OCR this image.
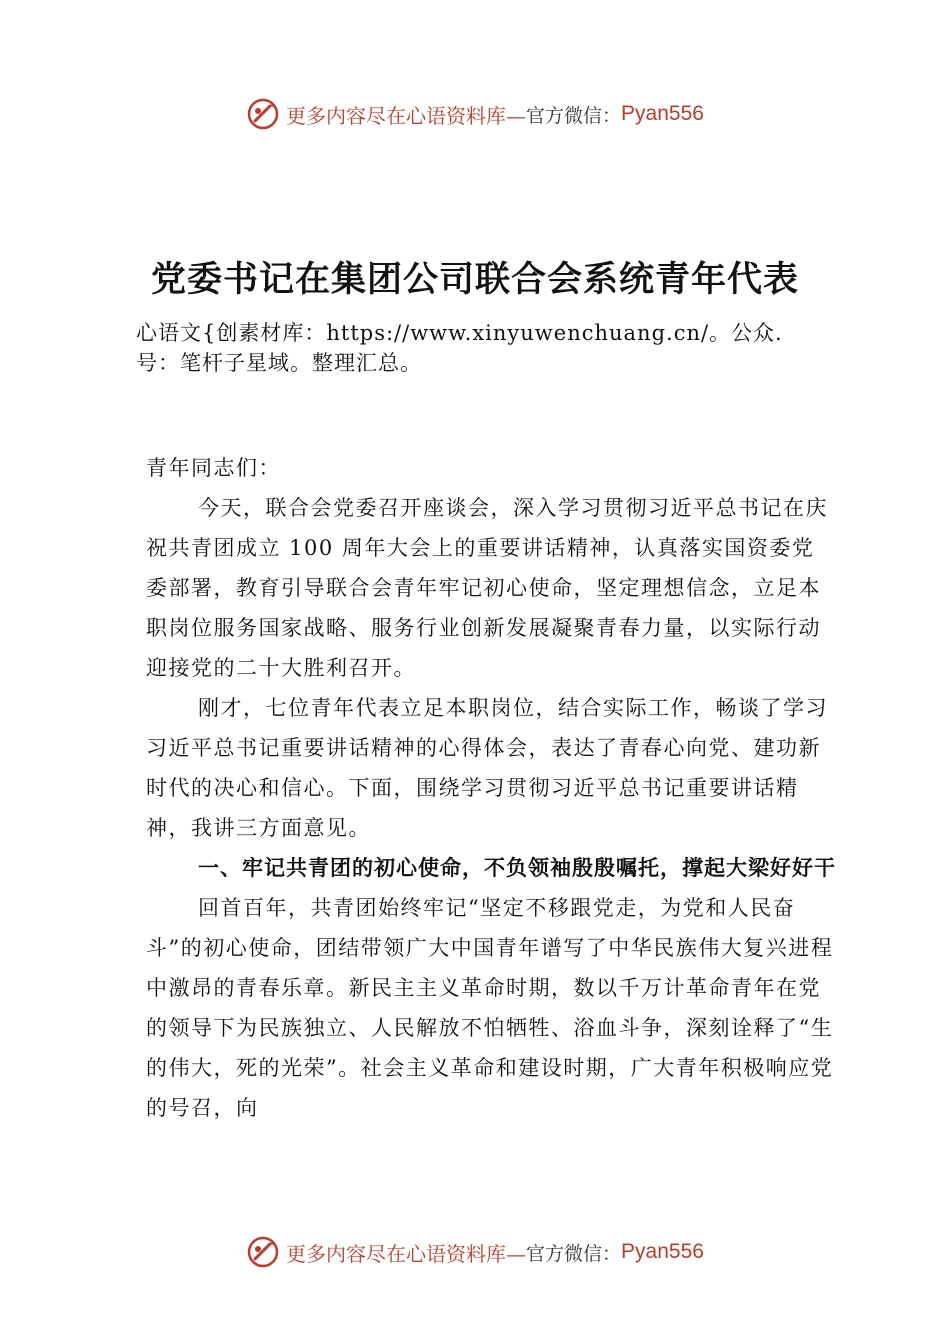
更多内容尽在心语资料库— 官方微信： Pyan556
党委书记在集团公司联合会系统青年代表

心语文{创素材库：https://www.xinyuwenchuang.cn/。公众.号：笔杆子星域。整理汇总。

青年同志们：

今天，联合会党委召开座谈会，深入学习贯彻习近平总书记在庆祝共青团成立 100 周年大会上的重要讲话精神，认真落实国资委党委部署，教育引导联合会青年牢记初心使命，坚定理想信念，立足本职岗位服务国家战略、服务行业创新发展凝聚青春力量，以实际行动迎接党的二十大胜利召开。

刚才，七位青年代表立足本职岗位，结合实际工作，畅谈了学习习近平总书记重要讲话精神的心得体会，表达了青春心向党、建功新时代的决心和信心。下面，围绕学习贯彻习近平总书记重要讲话精神，我讲三方面意见。

一、牢记共青团的初心使命，不负领袖殷殷嘱托，撑起大梁好好干

回首百年，共青团始终牢记“坚定不移跟党走，为党和人民奋斗”的初心使命，团结带领广大中国青年谱写了中华民族伟大复兴进程中激昂的青春乐章。新民主主义革命时期，数以千万计革命青年在党的领导下为民族独立、人民解放不怕牺牲、浴血斗争，深刻诠释了“生的伟大，死的光荣”。社会主义革命和建设时期，广大青年积极响应党的号召，向

更多内容尽在心语资料库— 官方微信： Pyan556
